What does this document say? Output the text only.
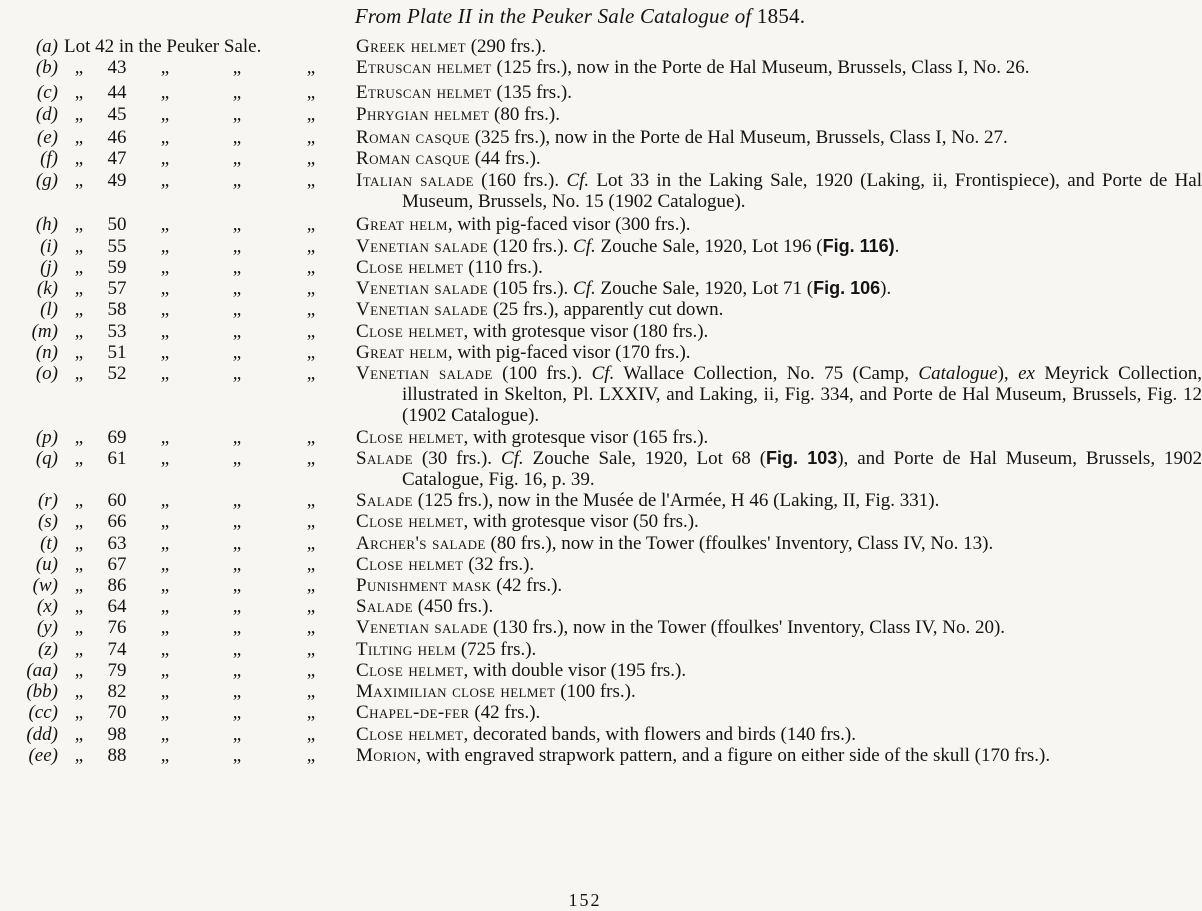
From Plate II in the Peuker Sale Catalogue of 1854.
(a) Lot 42 in the Peuker Sale.	Greek helmet (290 frs.).
(b) „	43	„	„	„	Etruscan helmet (125 frs.), now in the Porte de Hal Museum, Brussels, Class I, No. 26.
(c) „	44	„	„	„	Etruscan helmet (135 frs.).
(d) „	45	„	„	„	Phrygian helmet (80 frs.).
(e) „	46	„	„	„	Roman casque (325 frs.), now in the Porte de Hal Museum, Brussels, Class I, No. 27.
(f) „	47	„	„	„	Roman casque (44 frs.).
(g) „	49	„	„	„	Italian salade (160 frs.). Cf. Lot 33 in the Laking Sale, 1920 (Laking, ii, Frontispiece), and Porte de Hal Museum, Brussels, No. 15 (1902 Catalogue).
(h) „	50	„	„	„	Great helm, with pig-faced visor (300 frs.).
(i) „	55	„	„	„	Venetian salade (120 frs.). Cf. Zouche Sale, 1920, Lot 196 (Fig. 116).
(j) „	59	„	„	„	Close helmet (110 frs.).
(k) „	57	„	„	„	Venetian salade (105 frs.). Cf. Zouche Sale, 1920, Lot 71 (Fig. 106).
(l) „	58	„	„	„	Venetian salade (25 frs.), apparently cut down.
(m) „	53	„	„	„	Close helmet, with grotesque visor (180 frs.).
(n) „	51	„	„	„	Great helm, with pig-faced visor (170 frs.).
(o) „	52	„	„	„	Venetian salade (100 frs.). Cf. Wallace Collection, No. 75 (Camp, Catalogue), ex Meyrick Collection, illustrated in Skelton, Pl. LXXIV, and Laking, ii, Fig. 334, and Porte de Hal Museum, Brussels, Fig. 12 (1902 Catalogue).
(p) „	69	„	„	„	Close helmet, with grotesque visor (165 frs.).
(q) „	61	„	„	„	Salade (30 frs.). Cf. Zouche Sale, 1920, Lot 68 (Fig. 103), and Porte de Hal Museum, Brussels, 1902 Catalogue, Fig. 16, p. 39.
(r) „	60	„	„	„	Salade (125 frs.), now in the Musée de l'Armée, H 46 (Laking, II, Fig. 331).
(s) „	66	„	„	„	Close helmet, with grotesque visor (50 frs.).
(t) „	63	„	„	„	Archer's salade (80 frs.), now in the Tower (ffoulkes' Inventory, Class IV, No. 13).
(u) „	67	„	„	„	Close helmet (32 frs.).
(w) „	86	„	„	„	Punishment mask (42 frs.).
(x) „	64	„	„	„	Salade (450 frs.).
(y) „	76	„	„	„	Venetian salade (130 frs.), now in the Tower (ffoulkes' Inventory, Class IV, No. 20).
(z) „	74	„	„	„	Tilting helm (725 frs.).
(aa) „	79	„	„	„	Close helmet, with double visor (195 frs.).
(bb) „	82	„	„	„	Maximilian close helmet (100 frs.).
(cc) „	70	„	„	„	Chapel-de-fer (42 frs.).
(dd) „	98	„	„	„	Close helmet, decorated bands, with flowers and birds (140 frs.).
(ee) „	88	„	„	„	Morion, with engraved strapwork pattern, and a figure on either side of the skull (170 frs.).
152
